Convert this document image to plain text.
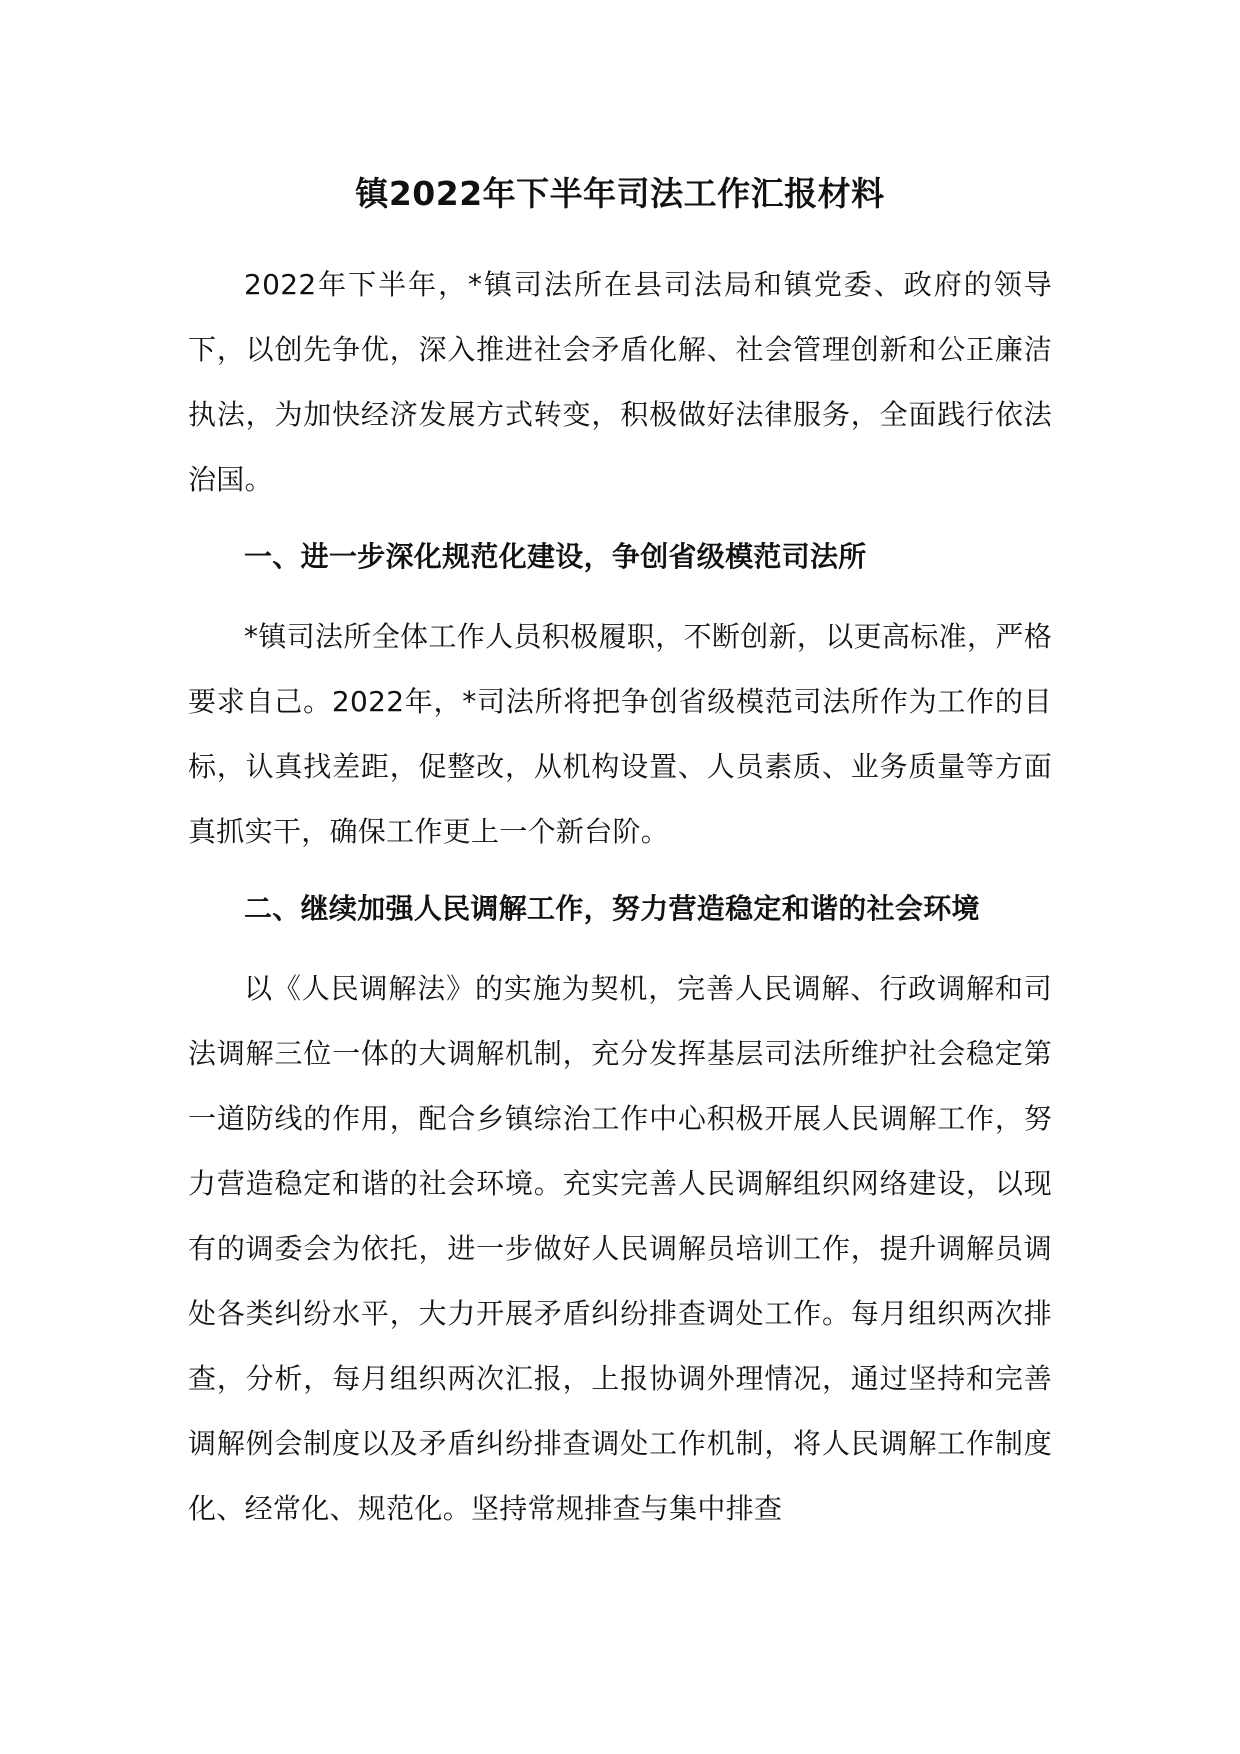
镇2022年下半年司法工作汇报材料

2022年下半年，*镇司法所在县司法局和镇党委、政府的领导下，以创先争优，深入推进社会矛盾化解、社会管理创新和公正廉洁执法，为加快经济发展方式转变，积极做好法律服务，全面践行依法治国。

一、进一步深化规范化建设，争创省级模范司法所

*镇司法所全体工作人员积极履职，不断创新，以更高标准，严格要求自己。2022年，*司法所将把争创省级模范司法所作为工作的目标，认真找差距，促整改，从机构设置、人员素质、业务质量等方面真抓实干，确保工作更上一个新台阶。

二、继续加强人民调解工作，努力营造稳定和谐的社会环境

以《人民调解法》的实施为契机，完善人民调解、行政调解和司法调解三位一体的大调解机制，充分发挥基层司法所维护社会稳定第一道防线的作用，配合乡镇综治工作中心积极开展人民调解工作，努力营造稳定和谐的社会环境。充实完善人民调解组织网络建设，以现有的调委会为依托，进一步做好人民调解员培训工作，提升调解员调处各类纠纷水平，大力开展矛盾纠纷排查调处工作。每月组织两次排查，分析，每月组织两次汇报，上报协调外理情况，通过坚持和完善调解例会制度以及矛盾纠纷排查调处工作机制，将人民调解工作制度化、经常化、规范化。坚持常规排查与集中排查
